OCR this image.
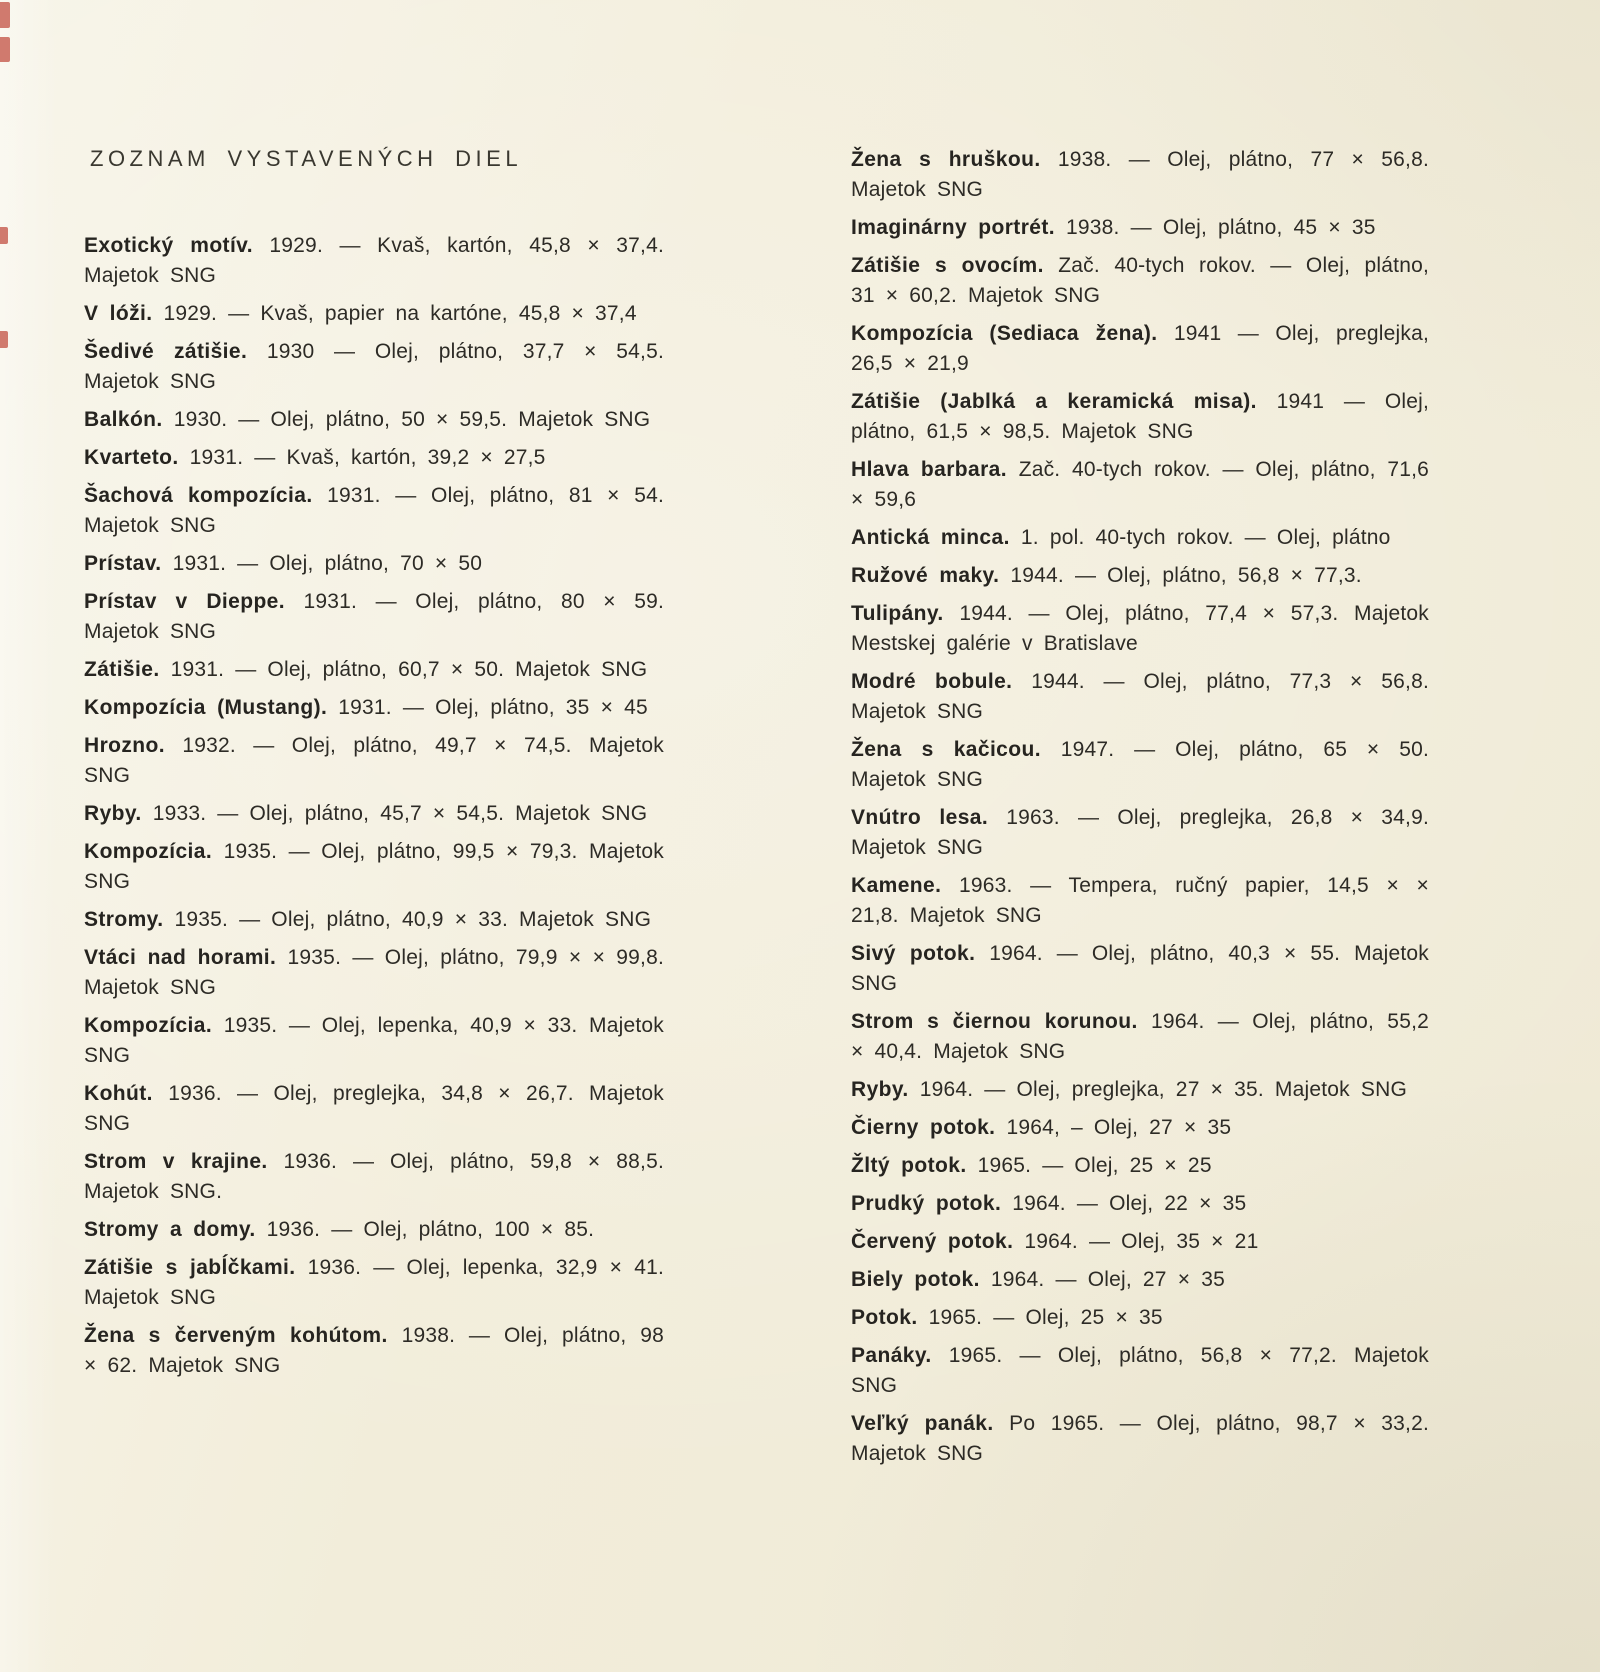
ZOZNAM VYSTAVENÝCH DIEL

Exotický motív. 1929. — Kvaš, kartón, 45,8 × 37,4. Majetok SNG

V lóži. 1929. — Kvaš, papier na kartóne, 45,8 × 37,4

Šedivé zátišie. 1930 — Olej, plátno, 37,7 × 54,5. Majetok SNG

Balkón. 1930. — Olej, plátno, 50 × 59,5. Majetok SNG

Kvarteto. 1931. — Kvaš, kartón, 39,2 × 27,5

Šachová kompozícia. 1931. — Olej, plátno, 81 × 54. Majetok SNG

Prístav. 1931. — Olej, plátno, 70 × 50

Prístav v Dieppe. 1931. — Olej, plátno, 80 × 59. Majetok SNG

Zátišie. 1931. — Olej, plátno, 60,7 × 50. Majetok SNG

Kompozícia (Mustang). 1931. — Olej, plátno, 35 × 45

Hrozno. 1932. — Olej, plátno, 49,7 × 74,5. Majetok SNG

Ryby. 1933. — Olej, plátno, 45,7 × 54,5. Majetok SNG

Kompozícia. 1935. — Olej, plátno, 99,5 × 79,3. Majetok SNG

Stromy. 1935. — Olej, plátno, 40,9 × 33. Majetok SNG

Vtáci nad horami. 1935. — Olej, plátno, 79,9 × × 99,8. Majetok SNG

Kompozícia. 1935. — Olej, lepenka, 40,9 × 33. Majetok SNG

Kohút. 1936. — Olej, preglejka, 34,8 × 26,7. Majetok SNG

Strom v krajine. 1936. — Olej, plátno, 59,8 × 88,5. Majetok SNG.

Stromy a domy. 1936. — Olej, plátno, 100 × 85.

Zátišie s jabĺčkami. 1936. — Olej, lepenka, 32,9 × 41. Majetok SNG

Žena s červeným kohútom. 1938. — Olej, plátno, 98 × 62. Majetok SNG

Žena s hruškou. 1938. — Olej, plátno, 77 × 56,8. Majetok SNG

Imaginárny portrét. 1938. — Olej, plátno, 45 × 35

Zátišie s ovocím. Zač. 40-tych rokov. — Olej, plátno, 31 × 60,2. Majetok SNG

Kompozícia (Sediaca žena). 1941 — Olej, preglejka, 26,5 × 21,9

Zátišie (Jablká a keramická misa). 1941 — Olej, plátno, 61,5 × 98,5. Majetok SNG

Hlava barbara. Zač. 40-tych rokov. — Olej, plátno, 71,6 × 59,6

Antická minca. 1. pol. 40-tych rokov. — Olej, plátno

Ružové maky. 1944. — Olej, plátno, 56,8 × 77,3.

Tulipány. 1944. — Olej, plátno, 77,4 × 57,3. Majetok Mestskej galérie v Bratislave

Modré bobule. 1944. — Olej, plátno, 77,3 × 56,8. Majetok SNG

Žena s kačicou. 1947. — Olej, plátno, 65 × 50. Majetok SNG

Vnútro lesa. 1963. — Olej, preglejka, 26,8 × 34,9. Majetok SNG

Kamene. 1963. — Tempera, ručný papier, 14,5 × × 21,8. Majetok SNG

Sivý potok. 1964. — Olej, plátno, 40,3 × 55. Majetok SNG

Strom s čiernou korunou. 1964. — Olej, plátno, 55,2 × 40,4. Majetok SNG

Ryby. 1964. — Olej, preglejka, 27 × 35. Majetok SNG

Čierny potok. 1964, – Olej, 27 × 35

Žltý potok. 1965. — Olej, 25 × 25

Prudký potok. 1964. — Olej, 22 × 35

Červený potok. 1964. — Olej, 35 × 21

Biely potok. 1964. — Olej, 27 × 35

Potok. 1965. — Olej, 25 × 35

Panáky. 1965. — Olej, plátno, 56,8 × 77,2. Majetok SNG

Veľký panák. Po 1965. — Olej, plátno, 98,7 × 33,2. Majetok SNG
